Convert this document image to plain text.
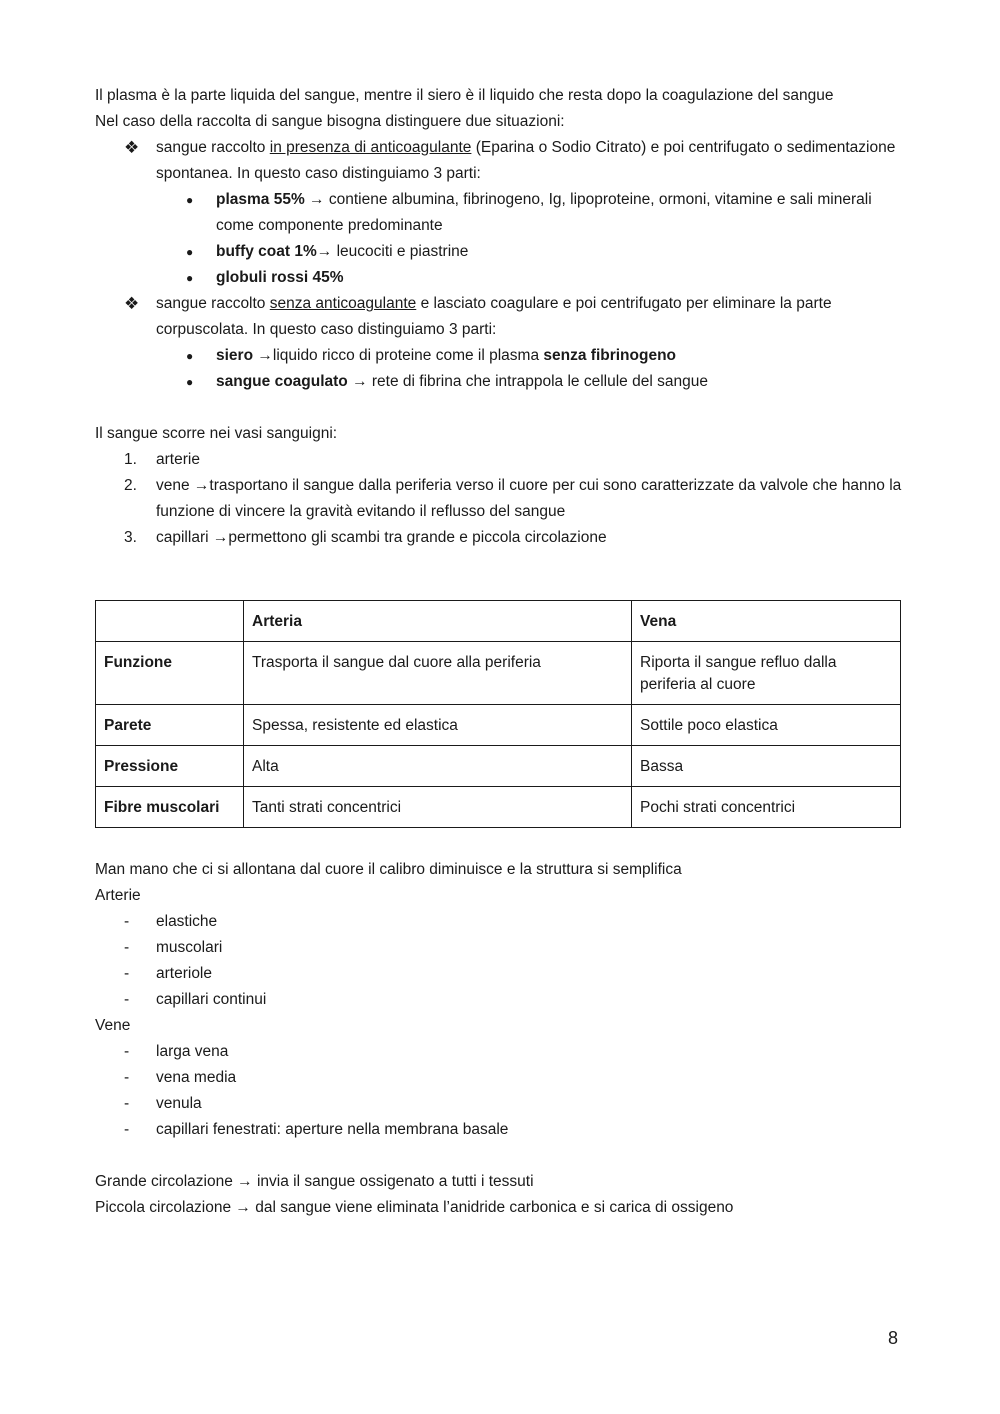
Il plasma è la parte liquida del sangue, mentre il siero è il liquido che resta dopo la coagulazione del sangue
Nel caso della raccolta di sangue bisogna distinguere due situazioni:
❖ sangue raccolto in presenza di anticoagulante (Eparina o Sodio Citrato) e poi centrifugato o sedimentazione spontanea. In questo caso distinguiamo 3 parti:
● plasma 55% → contiene albumina, fibrinogeno, Ig, lipoproteine, ormoni, vitamine e sali minerali come componente predominante
● buffy coat 1%→ leucociti e piastrine
● globuli rossi 45%
❖ sangue raccolto senza anticoagulante e lasciato coagulare e poi centrifugato per eliminare la parte corpuscolata. In questo caso distinguiamo 3 parti:
● siero →liquido ricco di proteine come il plasma senza fibrinogeno
● sangue coagulato → rete di fibrina che intrappola le cellule del sangue
Il sangue scorre nei vasi sanguigni:
1. arterie
2. vene →trasportano il sangue dalla periferia verso il cuore per cui sono caratterizzate da valvole che hanno la funzione di vincere la gravità evitando il reflusso del sangue
3. capillari →permettono gli scambi tra grande e piccola circolazione
	Arteria	Vena
Funzione	Trasporta il sangue dal cuore alla periferia	Riporta il sangue refluo dalla periferia al cuore
Parete	Spessa, resistente ed elastica	Sottile poco elastica
Pressione	Alta	Bassa
Fibre muscolari	Tanti strati concentrici	Pochi strati concentrici
Man mano che ci si allontana dal cuore il calibro diminuisce e la struttura si semplifica
Arterie
- elastiche
- muscolari
- arteriole
- capillari continui
Vene
- larga vena
- vena media
- venula
- capillari fenestrati: aperture nella membrana basale
Grande circolazione → invia il sangue ossigenato a tutti i tessuti
Piccola circolazione → dal sangue viene eliminata l’anidride carbonica e si carica di ossigeno
8
